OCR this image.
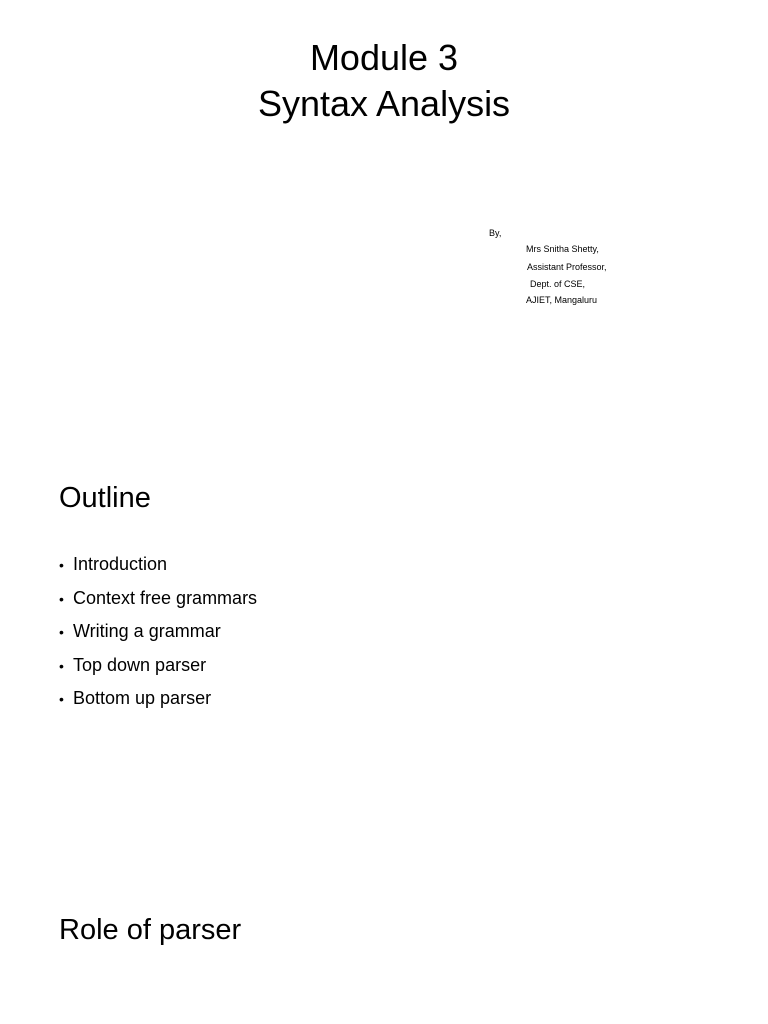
Module 3
Syntax Analysis
By,
Mrs Snitha Shetty,
Assistant Professor,
Dept. of CSE,
AJIET, Mangaluru
Outline
• Introduction
• Context free grammars
• Writing a grammar
• Top down parser
• Bottom up parser
Role of parser
